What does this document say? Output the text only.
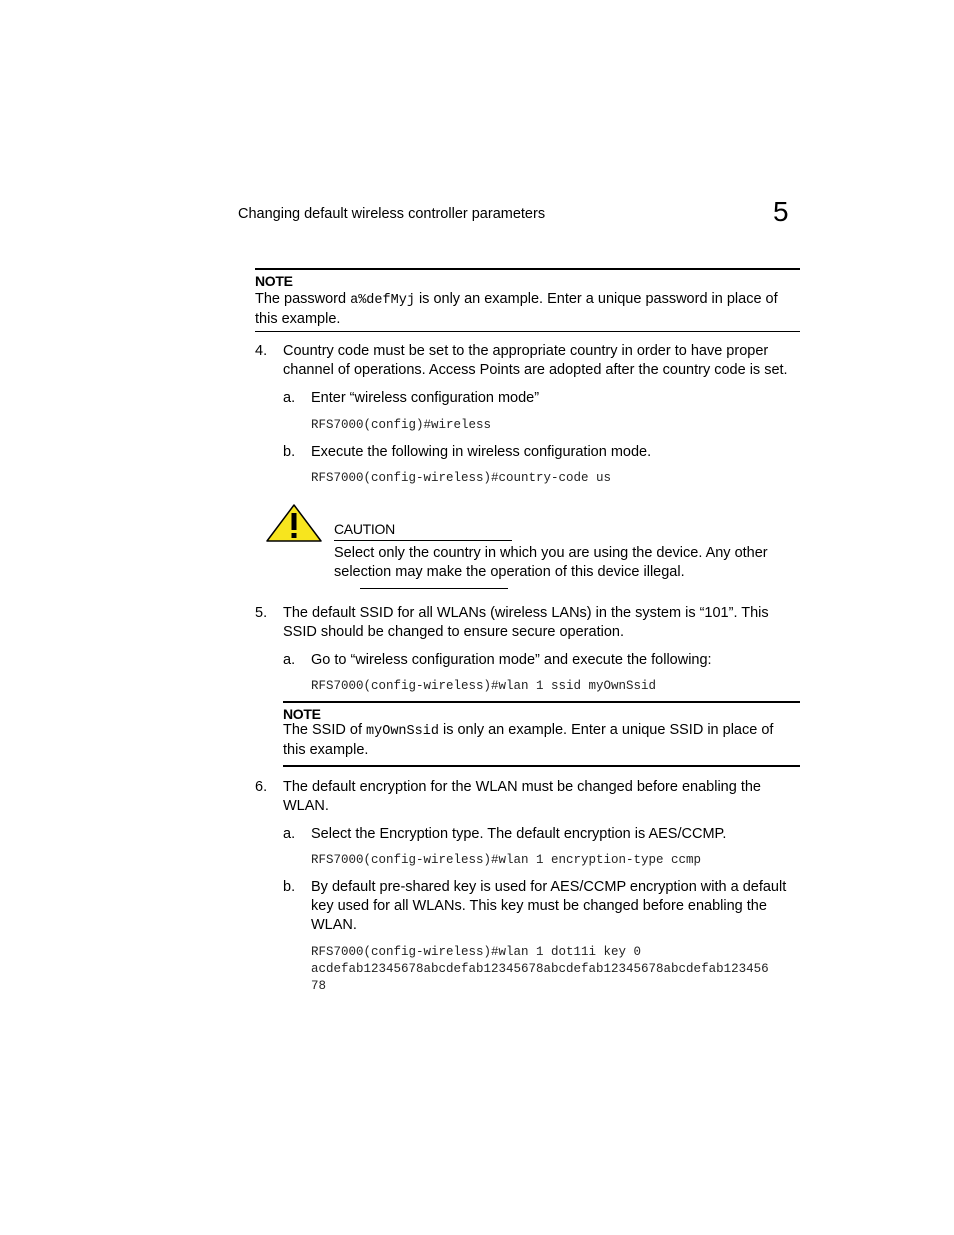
Changing default wireless controller parameters	5
NOTE
The password a%defMyj is only an example. Enter a unique password in place of
this example.
4. Country code must be set to the appropriate country in order to have proper
channel of operations. Access Points are adopted after the country code is set.
a. Enter “wireless configuration mode”
RFS7000(config)#wireless
b. Execute the following in wireless configuration mode.
RFS7000(config-wireless)#country-code us
CAUTION
Select only the country in which you are using the device. Any other
selection may make the operation of this device illegal.
5. The default SSID for all WLANs (wireless LANs) in the system is “101”. This
SSID should be changed to ensure secure operation.
a. Go to “wireless configuration mode” and execute the following:
RFS7000(config-wireless)#wlan 1 ssid myOwnSsid
NOTE
The SSID of myOwnSsid is only an example. Enter a unique SSID in place of
this example.
6. The default encryption for the WLAN must be changed before enabling the
WLAN.
a. Select the Encryption type. The default encryption is AES/CCMP.
RFS7000(config-wireless)#wlan 1 encryption-type ccmp
b. By default pre-shared key is used for AES/CCMP encryption with a default
key used for all WLANs. This key must be changed before enabling the
WLAN.
RFS7000(config-wireless)#wlan 1 dot11i key 0
acdefab12345678abcdefab12345678abcdefab12345678abcdefab123456
78
